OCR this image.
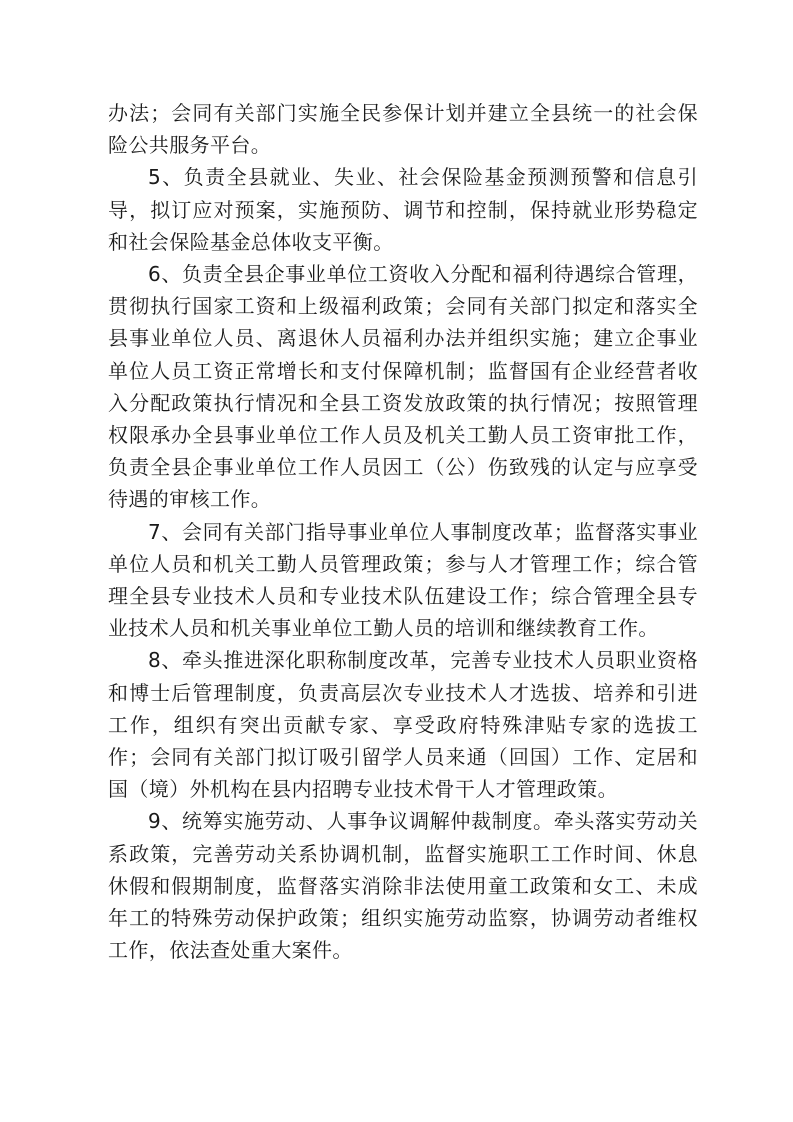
办法；会同有关部门实施全民参保计划并建立全县统一的社会保险公共服务平台。

5、负责全县就业、失业、社会保险基金预测预警和信息引导，拟订应对预案，实施预防、调节和控制，保持就业形势稳定和社会保险基金总体收支平衡。

6、负责全县企事业单位工资收入分配和福利待遇综合管理，贯彻执行国家工资和上级福利政策；会同有关部门拟定和落实全县事业单位人员、离退休人员福利办法并组织实施；建立企事业单位人员工资正常增长和支付保障机制；监督国有企业经营者收入分配政策执行情况和全县工资发放政策的执行情况；按照管理权限承办全县事业单位工作人员及机关工勤人员工资审批工作，负责全县企事业单位工作人员因工（公）伤致残的认定与应享受待遇的审核工作。

7、会同有关部门指导事业单位人事制度改革；监督落实事业单位人员和机关工勤人员管理政策；参与人才管理工作；综合管理全县专业技术人员和专业技术队伍建设工作；综合管理全县专业技术人员和机关事业单位工勤人员的培训和继续教育工作。

8、牵头推进深化职称制度改革，完善专业技术人员职业资格和博士后管理制度，负责高层次专业技术人才选拔、培养和引进工作，组织有突出贡献专家、享受政府特殊津贴专家的选拔工作；会同有关部门拟订吸引留学人员来通（回国）工作、定居和国（境）外机构在县内招聘专业技术骨干人才管理政策。

9、统筹实施劳动、人事争议调解仲裁制度。牵头落实劳动关系政策，完善劳动关系协调机制，监督实施职工工作时间、休息休假和假期制度，监督落实消除非法使用童工政策和女工、未成年工的特殊劳动保护政策；组织实施劳动监察，协调劳动者维权工作，依法查处重大案件。
